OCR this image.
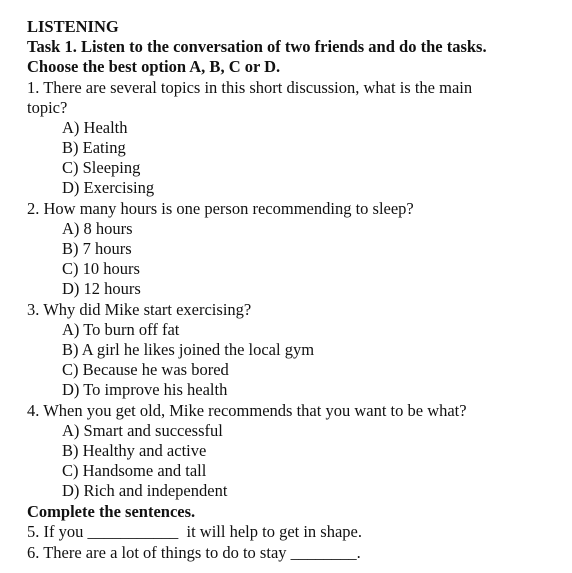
LISTENING
Task 1. Listen to the conversation of two friends and do the tasks.
Choose the best option A, B, C or D.
1. There are several topics in this short discussion, what is the main
topic?
A) Health
B) Eating
C) Sleeping
D) Exercising
2. How many hours is one person recommending to sleep?
A) 8 hours
B) 7 hours
C) 10 hours
D) 12 hours
3. Why did Mike start exercising?
A) To burn off fat
B) A girl he likes joined the local gym
C) Because he was bored
D) To improve his health
4. When you get old, Mike recommends that you want to be what?
A) Smart and successful
B) Healthy and active
C) Handsome and tall
D) Rich and independent
Complete the sentences.
5. If you ___________  it will help to get in shape.
6. There are a lot of things to do to stay ________.
